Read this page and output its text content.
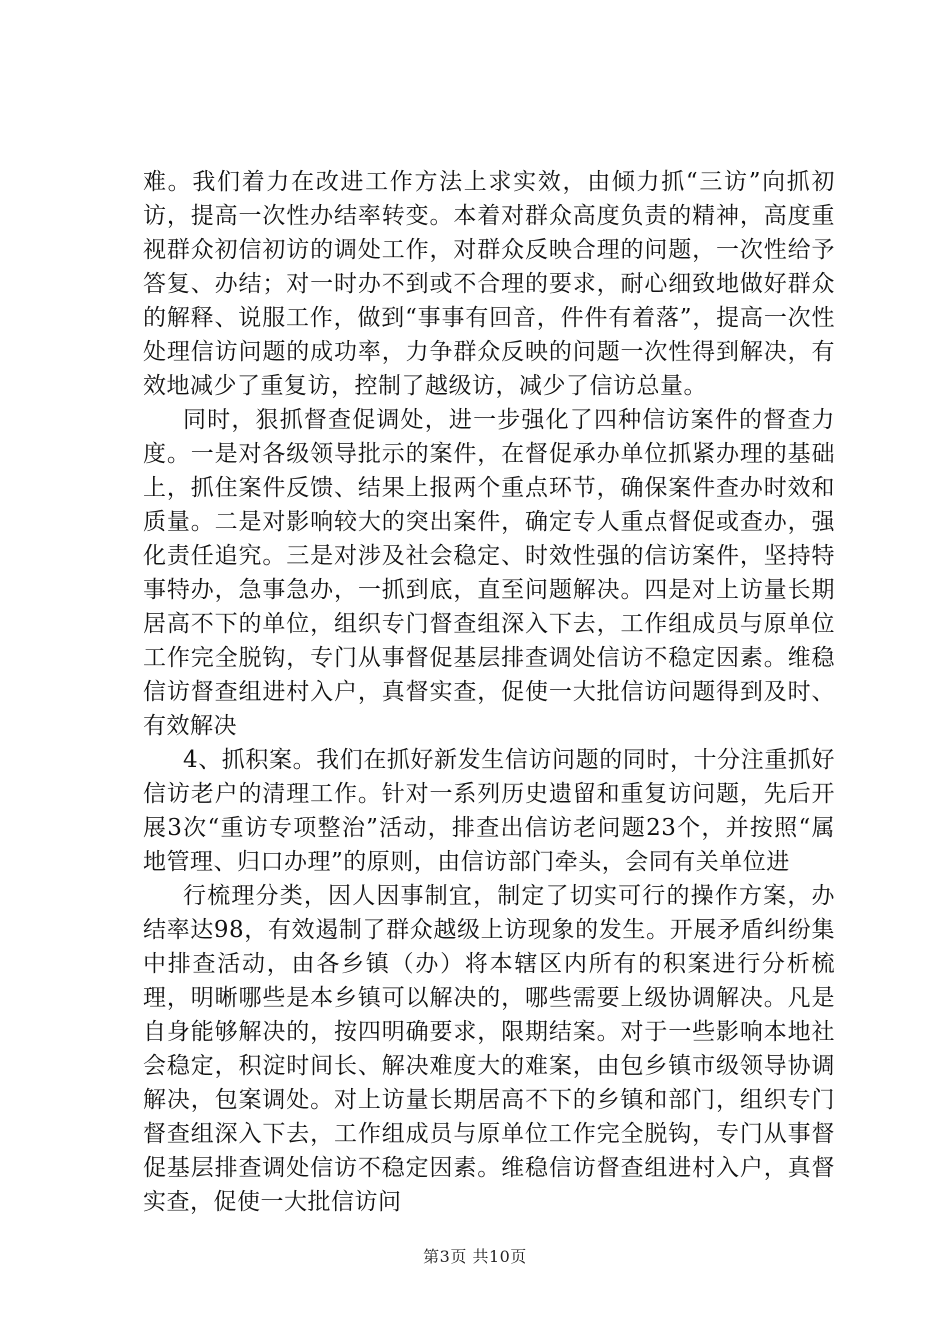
难。我们着力在改进工作方法上求实效，由倾力抓“三访”向抓初访，提高一次性办结率转变。本着对群众高度负责的精神，高度重视群众初信初访的调处工作，对群众反映合理的问题，一次性给予答复、办结；对一时办不到或不合理的要求，耐心细致地做好群众的解释、说服工作，做到“事事有回音，件件有着落”，提高一次性处理信访问题的成功率，力争群众反映的问题一次性得到解决，有效地减少了重复访，控制了越级访，减少了信访总量。

同时，狠抓督查促调处，进一步强化了四种信访案件的督查力度。一是对各级领导批示的案件，在督促承办单位抓紧办理的基础上，抓住案件反馈、结果上报两个重点环节，确保案件查办时效和质量。二是对影响较大的突出案件，确定专人重点督促或查办，强化责任追究。三是对涉及社会稳定、时效性强的信访案件，坚持特事特办，急事急办，一抓到底，直至问题解决。四是对上访量长期居高不下的单位，组织专门督查组深入下去，工作组成员与原单位工作完全脱钩，专门从事督促基层排查调处信访不稳定因素。维稳信访督查组进村入户，真督实查，促使一大批信访问题得到及时、有效解决

4、抓积案。我们在抓好新发生信访问题的同时，十分注重抓好信访老户的清理工作。针对一系列历史遗留和重复访问题，先后开展3次“重访专项整治”活动，排查出信访老问题23个，并按照“属地管理、归口办理”的原则，由信访部门牵头，会同有关单位进

行梳理分类，因人因事制宜，制定了切实可行的操作方案，办结率达98，有效遏制了群众越级上访现象的发生。开展矛盾纠纷集中排查活动，由各乡镇（办）将本辖区内所有的积案进行分析梳理，明晰哪些是本乡镇可以解决的，哪些需要上级协调解决。凡是自身能够解决的，按四明确要求，限期结案。对于一些影响本地社会稳定，积淀时间长、解决难度大的难案，由包乡镇市级领导协调解决，包案调处。对上访量长期居高不下的乡镇和部门，组织专门督查组深入下去，工作组成员与原单位工作完全脱钩，专门从事督促基层排查调处信访不稳定因素。维稳信访督查组进村入户，真督实查，促使一大批信访问

第3页 共10页
